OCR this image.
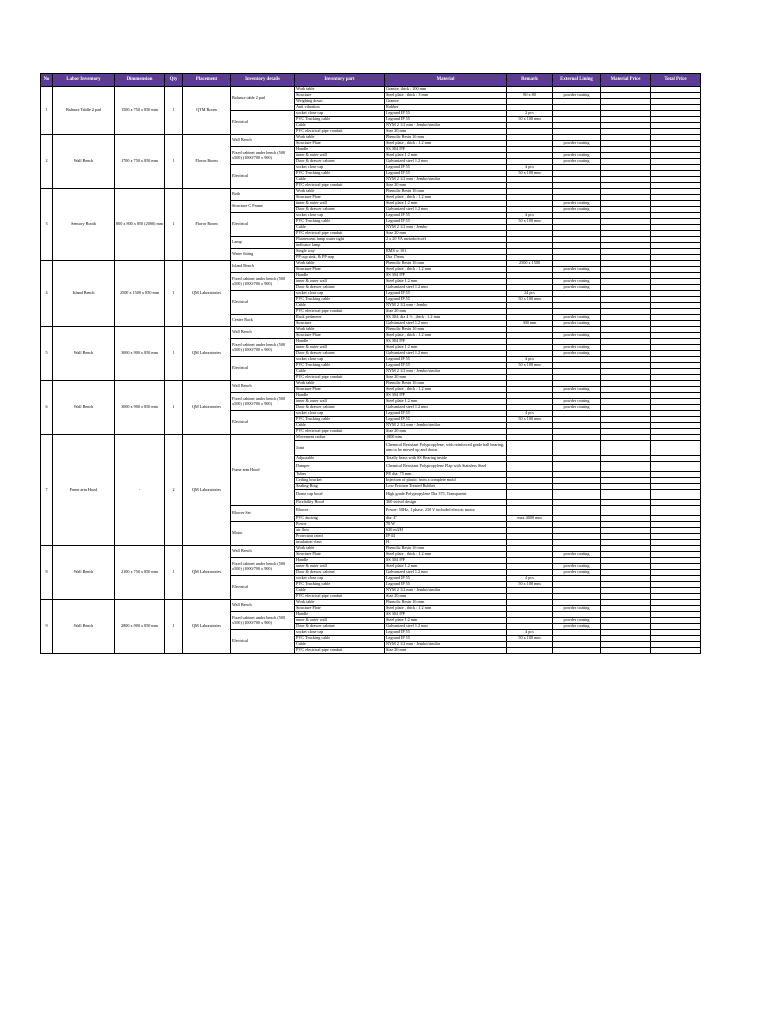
No	Labor Inventory	Dimmension	Qty	Placement	Inventory details	Inventory part	Material	Remark	External Lining	Material Price	Total Price
1	Balance Tablle 2 pad	1500 x 750 x 850 mm	1	QTM Room	Balance table 2 pad	Work table	Granite, thick : 100 mm				
						Structure	Steel plate , thick : 3 mm	80 x 80	powder coating		
						Weighing down	Granite				
						Anti vibration	Rubber				
					Electrical	socket close cap	Legrand IP 55	2 pcs			
						PVC Trucking cable	Legrand IP 55	50 x 100 mm			
						Cable	NYM 2 1/2 mm - Jembo/similar				
						PVC electrical pipe conduit	Size 20 mm				
2	Wall Bench	1700 x 750 x 850 mm	1	Flavor Room	Wall Bench	Work table	Phenolic Resin 16 mm				
						Structure Plate	Steel plate , thick : 1.2 mm		powder coating		
					Fixed cabinet under bench (500 x500) (1000/700 x 900)	Handle	SS 304 /PP				
						inner & outer wall	Steel plate 1.2 mm		powder coating		
						Door & drawer cabinet	Galvanized steel 1.2 mm		powder coating		
					Electrical	socket close cap	Legrand IP 55	4 pcs			
						PVC Trucking cable	Legrand IP 55	50 x 100 mm			
						Cable	NYM 2 1/2 mm - Jembo/similar				
						PVC electrical pipe conduit	Size 20 mm				
3	Sensory Booth	800 x 800 x 850 (2000) mm	1	Flavor Room	Both	Work table	Phenolic Resin 16 mm				
						Structure Plate	Steel plate , thick : 1.2 mm				
					Structure C Frame	inner & outer wall	Steel plate 1.2 mm		powder coating		
						Door & drawer cabinet	Galvanized steel 1.2 mm		powder coating		
					Electrical	socket close cap	Legrand IP 55	4 pcs			
						PVC Trucking cable	Legrand IP 55	50 x 100 mm			
						Cable	NYM 2 1/2 mm - Jembo				
						PVC electrical pipe conduit	Size 20 mm				
					Lamp	Fluorescent lamp water tight	2 x 20 VA metodo/ecoff				
						indicator lamp					
					Water fitting	Single way	RMS w 101				
						PP cup sink, & PP trap	Dia 17mm				
4	Island Bench	2500 x 1500 x 850 mm	1	QM Laboratories	Island Bench	Work table	Phenolic Resin 16 mm	2500 x 1500			
						Structure Plate	Steel plate , thick : 1.2 mm		powder coating		
					Fixed cabinet under bench (500 x500) (1000/700 x 900)	Handle	SS 304 /PP				
						inner & outer wall	Steel plate 1.2 mm		powder coating		
						Door & drawer cabinet	Galvanized steel 1.2 mm		powder coating		
					Electrical	socket close cap	Legrand IP 55	24 pcs			
						PVC Trucking cable	Legrand IP 55	50 x 100 mm			
						Cable	NYM 2 1/2 mm - Jembo				
						PVC electrical pipe conduit	Size 20 mm				
					Center Rack	Rack perimeter	SS 304, dia 4 ½ , thick : 1.2 mm		powder coating		
						Structure	Galvanized steel 1.2 mm	300 mm	powder coating		
5	Wall Bench	3000 x 900 x 850 mm	1	QM Laboratories	Wall Bench	Work table	Phenolic Resin 16 mm				
						Structure Plate	Steel plate , thick : 1.2 mm		powder coating		
					Fixed cabinet under bench (500 x500) (1000/700 x 900)	Handle	SS 304 /PP				
						inner & outer wall	Steel plate 1.2 mm		powder coating		
						Door & drawer cabinet	Galvanized steel 1.2 mm		powder coating		
					Electrical	socket close cap	Legrand IP 55	4 pcs			
						PVC Trucking cable	Legrand IP 55	50 x 100 mm			
						Cable	NYM 2 1/2 mm - Jembo/similar				
						PVC electrical pipe conduit	Size 20 mm				
6	Wall Bench	3000 x 900 x 850 mm	1	QM Laboratories	Wall Bench	Work table	Phenolic Resin 16 mm				
						Structure Plate	Steel plate , thick : 1.2 mm		powder coating		
					Fixed cabinet under bench (500 x500) (1000/700 x 900)	Handle	SS 304 /PP				
						inner & outer wall	Steel plate 1.2 mm		powder coating		
						Door & drawer cabinet	Galvanized steel 1.2 mm		powder coating		
					Electrical	socket close cap	Legrand IP 55	4 pcs			
						PVC Trucking cable	Legrand IP 55	50 x 100 mm			
						Cable	NYM 2 1/2 mm - Jembo/similar				
						PVC electrical pipe conduit	Size 20 mm				
7	Fume arm Hood	-	2	QM Laboratories	Fume arm Hood	Movement radius	1800 mm				
						Joint	Chemical Resistant Polypropylene, with reinforced grade ball bearing, arm to be moved up and down.				
						Adjustable	Totally brass with SS Bearing inside				
						Damper	Chemical Resistant Polypropylene Flap with Stainless Steel				
						Tubes	PP, dia: 75 mm				
						Ceiling bracket	Injection of plastic from a complete mold				
						Sealing Ring	Low Friction Treated Rubber				
						Dome cap hood	High grade Polypropylene Dia 375, Transparent				
						Flexibility Hood	360 swivel design				
					Blower Set	Blower	Power: 50Hz, 1 phase, 230 V included electric motor				
						PVC ducting	dia: 4"	max 4000 mm			
					Motor	Power	70 W				
						air flow	630 m3/H				
						Protection rated	IP 44				
						insulation class	H				
8	Wall Bench	2100 x 750 x 850 mm	1	QM Laboratories	Wall Bench	Work table	Phenolic Resin 16 mm				
						Structure Plate	Steel plate , thick : 1.2 mm		powder coating		
					Fixed cabinet under bench (500 x500) (1000/700 x 900)	Handle	SS 304 /PP				
						inner & outer wall	Steel plate 1.2 mm		powder coating		
						Door & drawer cabinet	Galvanized steel 1.2 mm		powder coating		
					Electrical	socket close cap	Legrand IP 55	4 pcs			
						PVC Trucking cable	Legrand IP 55	50 x 100 mm			
						Cable	NYM 2 1/2 mm - Jembo/similar				
						PVC electrical pipe conduit	Size 20 mm				
9	Wall Bench	2800 x 900 x 850 mm	1	QM Laboratories	Wall Bench	Work table	Phenolic Resin 16 mm				
						Structure Plate	Steel plate , thick : 1.2 mm		powder coating		
					Fixed cabinet under bench (500 x500) (1000/700 x 900)	Handle	SS 304 /PP				
						inner & outer wall	Steel plate 1.2 mm		powder coating		
						Door & drawer cabinet	Galvanized steel 1.2 mm		powder coating		
					Electrical	socket close cap	Legrand IP 55	4 pcs			
						PVC Trucking cable	Legrand IP 55	50 x 100 mm			
						Cable	NYM 2 1/2 mm - Jembo/similar				
						PVC electrical pipe conduit	Size 20 mm				
